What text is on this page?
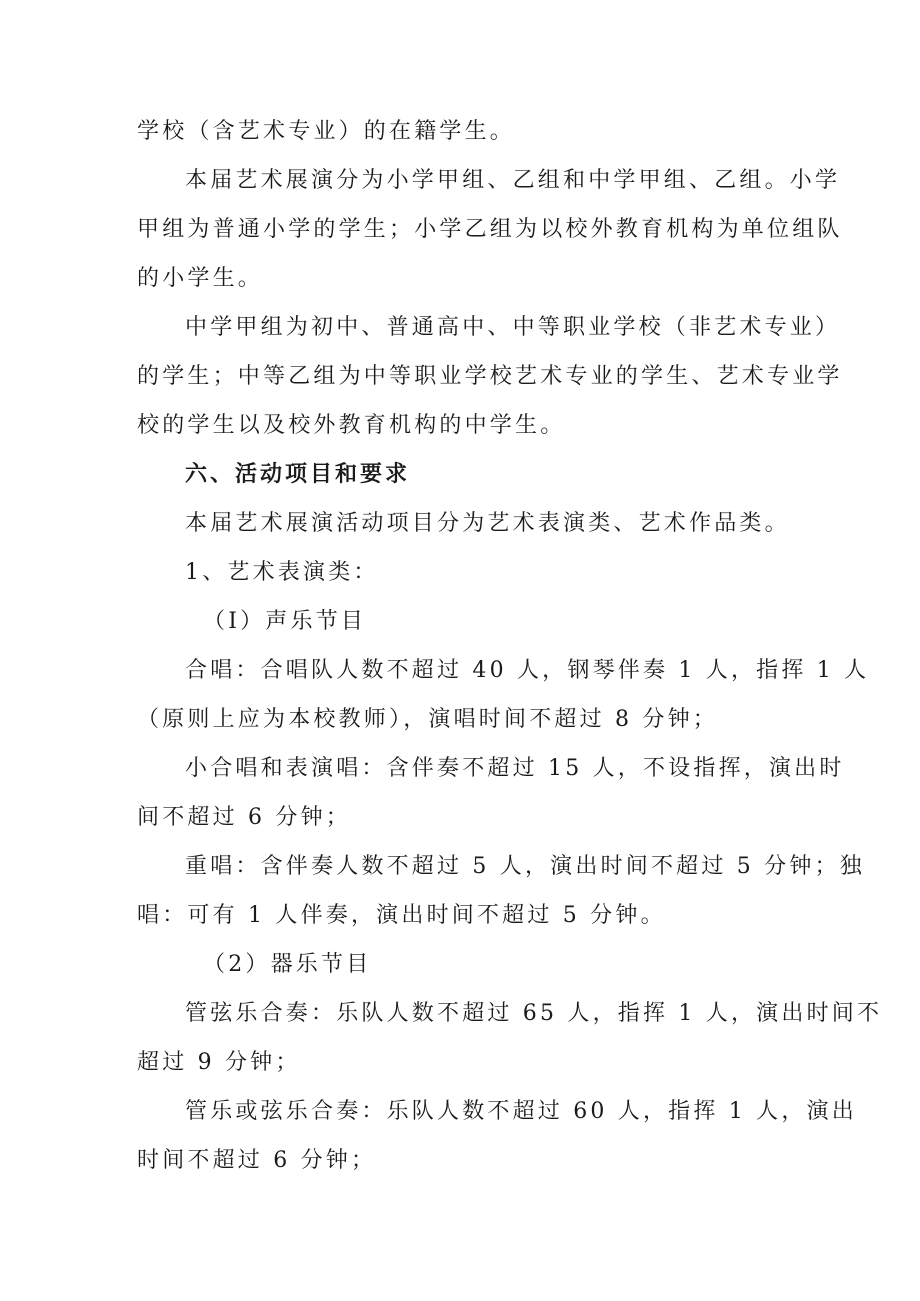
学校（含艺术专业）的在籍学生。
本届艺术展演分为小学甲组、乙组和中学甲组、乙组。小学
甲组为普通小学的学生；小学乙组为以校外教育机构为单位组队
的小学生。
中学甲组为初中、普通高中、中等职业学校（非艺术专业）
的学生；中等乙组为中等职业学校艺术专业的学生、艺术专业学
校的学生以及校外教育机构的中学生。
六、活动项目和要求
本届艺术展演活动项目分为艺术表演类、艺术作品类。
1、艺术表演类：
（I）声乐节目
合唱：合唱队人数不超过 40 人，钢琴伴奏 1 人，指挥 1 人
（原则上应为本校教师），演唱时间不超过 8 分钟；
小合唱和表演唱：含伴奏不超过 15 人，不设指挥，演出时
间不超过 6 分钟；
重唱：含伴奏人数不超过 5 人，演出时间不超过 5 分钟；独
唱：可有 1 人伴奏，演出时间不超过 5 分钟。
（2）器乐节目
管弦乐合奏：乐队人数不超过 65 人，指挥 1 人，演出时间不
超过 9 分钟；
管乐或弦乐合奏：乐队人数不超过 60 人，指挥 1 人，演出
时间不超过 6 分钟；
